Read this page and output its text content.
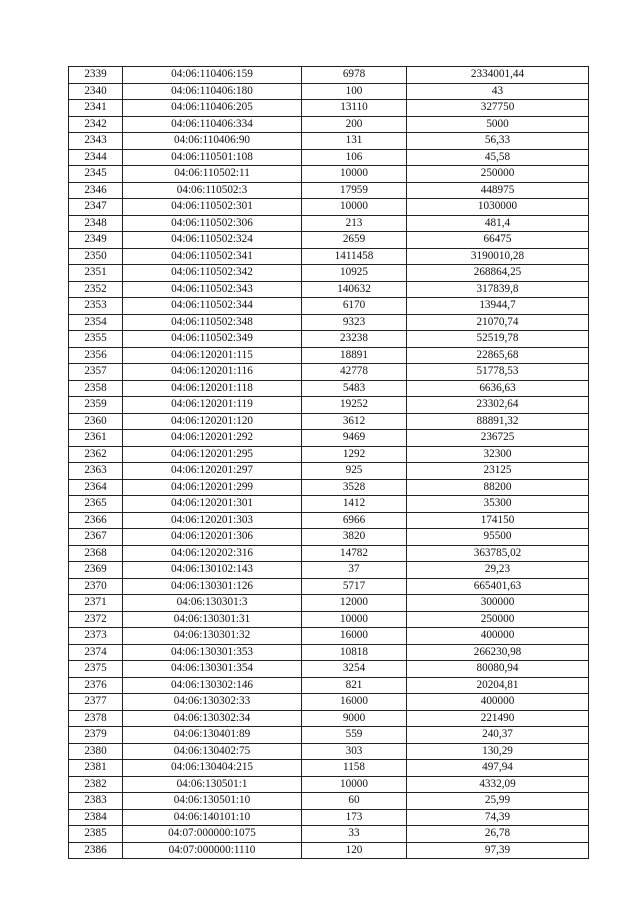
2339	04:06:110406:159	6978	2334001,44
2340	04:06:110406:180	100	43
2341	04:06:110406:205	13110	327750
2342	04:06:110406:334	200	5000
2343	04:06:110406:90	131	56,33
2344	04:06:110501:108	106	45,58
2345	04:06:110502:11	10000	250000
2346	04:06:110502:3	17959	448975
2347	04:06:110502:301	10000	1030000
2348	04:06:110502:306	213	481,4
2349	04:06:110502:324	2659	66475
2350	04:06:110502:341	1411458	3190010,28
2351	04:06:110502:342	10925	268864,25
2352	04:06:110502:343	140632	317839,8
2353	04:06:110502:344	6170	13944,7
2354	04:06:110502:348	9323	21070,74
2355	04:06:110502:349	23238	52519,78
2356	04:06:120201:115	18891	22865,68
2357	04:06:120201:116	42778	51778,53
2358	04:06:120201:118	5483	6636,63
2359	04:06:120201:119	19252	23302,64
2360	04:06:120201:120	3612	88891,32
2361	04:06:120201:292	9469	236725
2362	04:06:120201:295	1292	32300
2363	04:06:120201:297	925	23125
2364	04:06:120201:299	3528	88200
2365	04:06:120201:301	1412	35300
2366	04:06:120201:303	6966	174150
2367	04:06:120201:306	3820	95500
2368	04:06:120202:316	14782	363785,02
2369	04:06:130102:143	37	29,23
2370	04:06:130301:126	5717	665401,63
2371	04:06:130301:3	12000	300000
2372	04:06:130301:31	10000	250000
2373	04:06:130301:32	16000	400000
2374	04:06:130301:353	10818	266230,98
2375	04:06:130301:354	3254	80080,94
2376	04:06:130302:146	821	20204,81
2377	04:06:130302:33	16000	400000
2378	04:06:130302:34	9000	221490
2379	04:06:130401:89	559	240,37
2380	04:06:130402:75	303	130,29
2381	04:06:130404:215	1158	497,94
2382	04:06:130501:1	10000	4332,09
2383	04:06:130501:10	60	25,99
2384	04:06:140101:10	173	74,39
2385	04:07:000000:1075	33	26,78
2386	04:07:000000:1110	120	97,39
